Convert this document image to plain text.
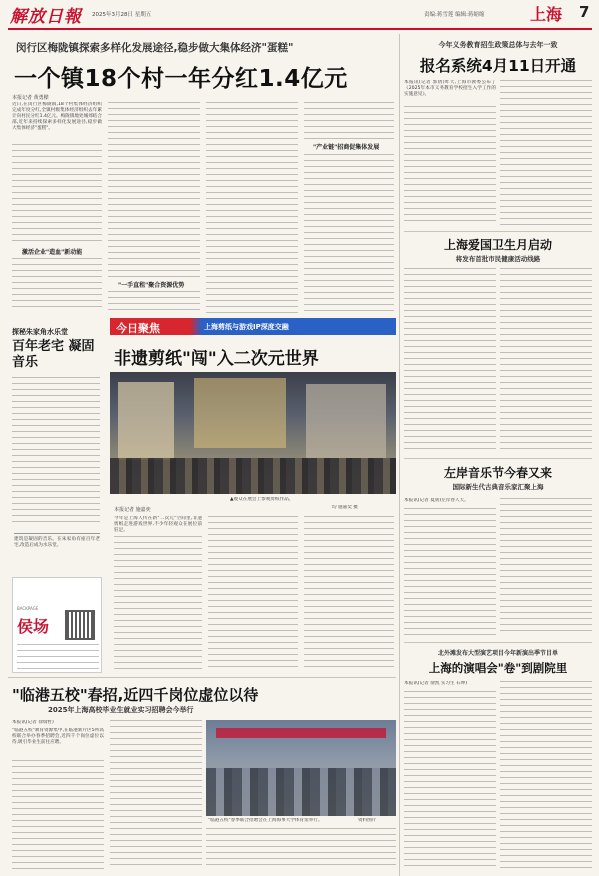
解放日報 2025年3月28日 星期五	责编:蒋雪莲 编辑:蒋缩缩	上海 7
闵行区梅陇镇探索多样化发展途径,稳步做大集体经济"蛋糕"
一个镇18个村一年分红1.4亿元
本报记者 黄勇樑
近日,在闵行区梅陇镇,18个村集体经济组织完成年度分红,全镇村级集体经济组织去年累计向村民分红1.4亿元。梅陇镇地处城郊结合部,近年来持续探索多样化发展途径,稳步做大集体经济"蛋糕"。
激活企业"造血"新动能
"一手直租"聚合资源优势
"产业链"招商促集体发展
今年义务教育招生政策总体与去年一致
报名系统4月11日开通
本报讯(记者 郭倩)昨天,上海市教委公布了《2025年本市义务教育学校招生入学工作的实施意见》。
上海爱国卫生月启动
将发布首批市民健康活动线路
左岸音乐节今春又来
国际新生代古典音乐家汇聚上海
本报讯(记者 夏韧)左岸春人天。
北外滩发布大型演艺项目今年新演出季节目单
上海的演唱会"卷"到剧院里
本报讯(记者 俞凯 实习生 石坤)
探秘朱家角水乐堂
百年老宅 凝固音乐
建筑是凝固的音乐。在朱家角有座百年老宅,改造后成为水乐堂。
侯场
BACKPAGE
今日聚焦	上海剪纸与游戏IP深度交融
非遗剪纸"闯"入二次元世界
▲观众在展会上参观剪纸作品。
均 施嘉奕 摄
本报记者 施嘉奕
今年是上海人传在新"二次元"空间里,非遗剪纸走进游戏世界,不少年轻观众在展位前驻足。
"临港五校"春招,近四千岗位虚位以待
2025年上海高校毕业生就业实习招聘会今举行
本报讯(记者 徐瑞哲)
"临港五校"教育资源集中,在临港新片区5所高校联合举办春季招聘会,近四千个岗位虚位以待,吸引毕业生前往应聘。
"临港五校"春季联合招聘会在上海海事大学体育馆举行。	资料图片
